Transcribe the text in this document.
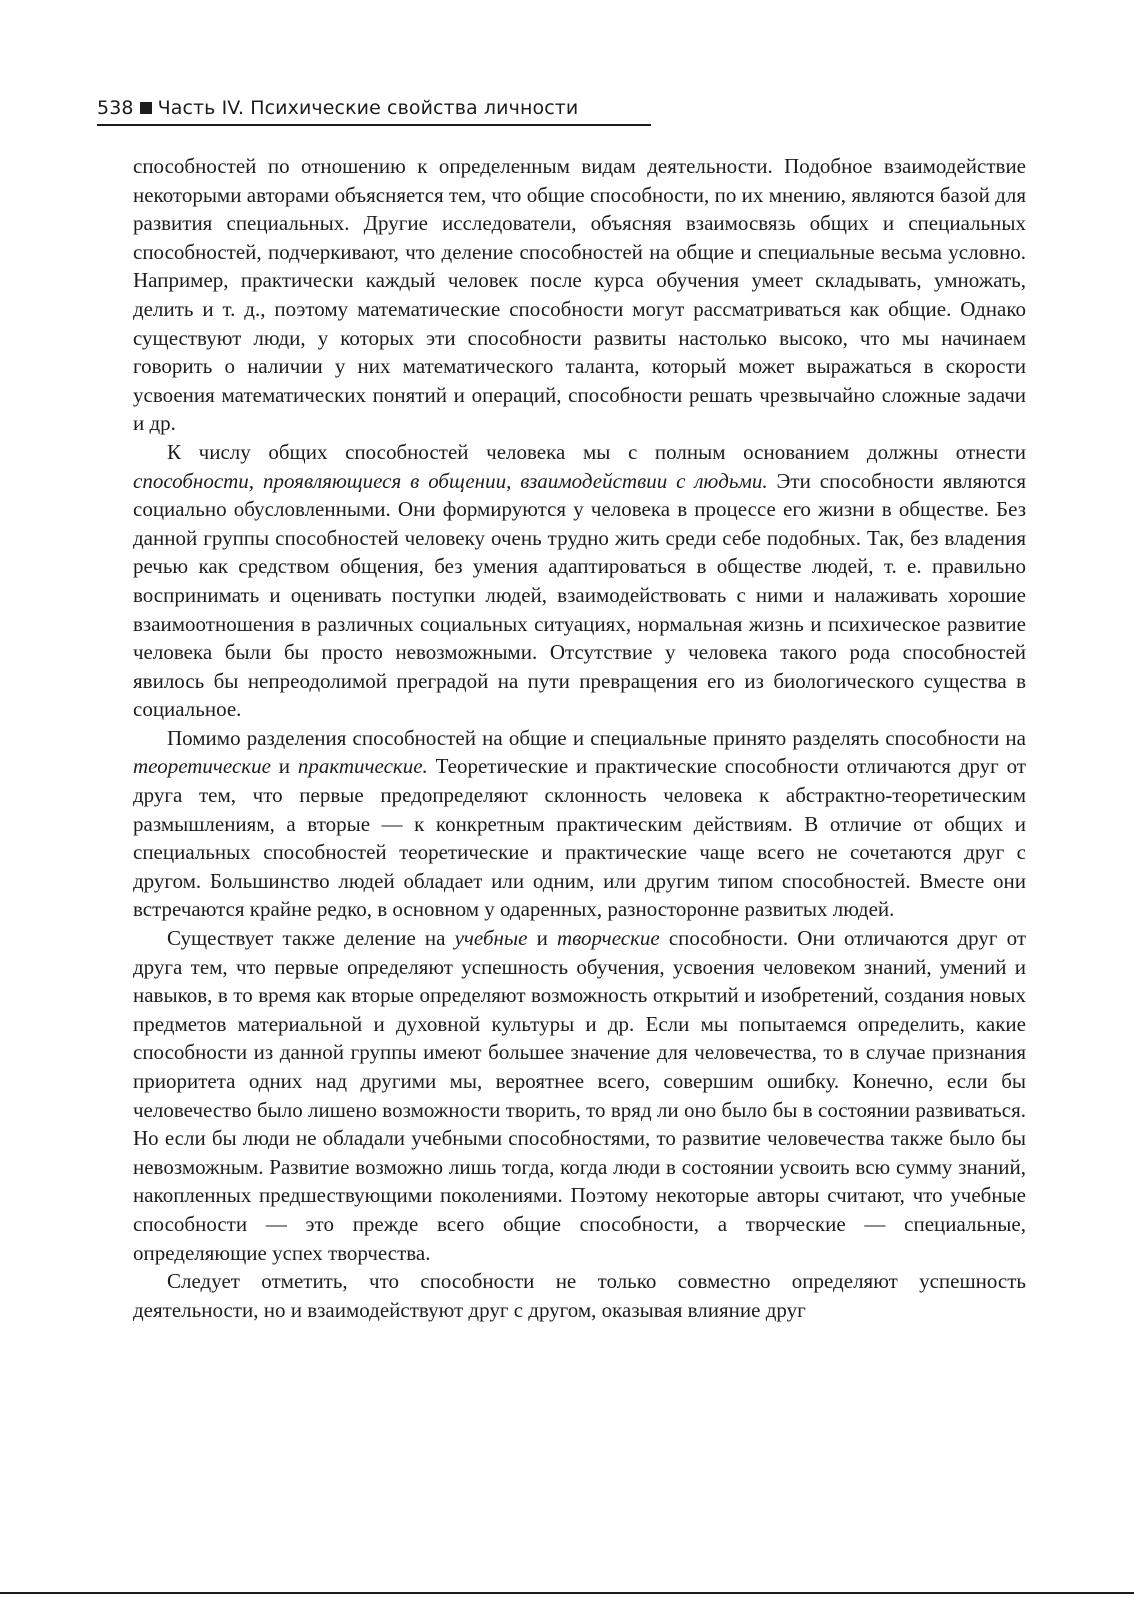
538 Часть IV. Психические свойства личности

способностей по отношению к определенным видам деятельности. Подобное взаимодействие некоторыми авторами объясняется тем, что общие способности, по их мнению, являются базой для развития специальных. Другие исследователи, объясняя взаимосвязь общих и специальных способностей, подчеркивают, что деление способностей на общие и специальные весьма условно. Например, практически каждый человек после курса обучения умеет складывать, умножать, делить и т. д., поэтому математические способности могут рассматриваться как общие. Однако существуют люди, у которых эти способности развиты настолько высоко, что мы начинаем говорить о наличии у них математического таланта, который может выражаться в скорости усвоения математических понятий и операций, способности решать чрезвычайно сложные задачи и др.

К числу общих способностей человека мы с полным основанием должны отнести способности, проявляющиеся в общении, взаимодействии с людьми. Эти способности являются социально обусловленными. Они формируются у человека в процессе его жизни в обществе. Без данной группы способностей человеку очень трудно жить среди себе подобных. Так, без владения речью как средством общения, без умения адаптироваться в обществе людей, т. е. правильно воспринимать и оценивать поступки людей, взаимодействовать с ними и налаживать хорошие взаимоотношения в различных социальных ситуациях, нормальная жизнь и психическое развитие человека были бы просто невозможными. Отсутствие у человека такого рода способностей явилось бы непреодолимой преградой на пути превращения его из биологического существа в социальное.

Помимо разделения способностей на общие и специальные принято разделять способности на теоретические и практические. Теоретические и практические способности отличаются друг от друга тем, что первые предопределяют склонность человека к абстрактно-теоретическим размышлениям, а вторые — к конкретным практическим действиям. В отличие от общих и специальных способностей теоретические и практические чаще всего не сочетаются друг с другом. Большинство людей обладает или одним, или другим типом способностей. Вместе они встречаются крайне редко, в основном у одаренных, разносторонне развитых людей.

Существует также деление на учебные и творческие способности. Они отличаются друг от друга тем, что первые определяют успешность обучения, усвоения человеком знаний, умений и навыков, в то время как вторые определяют возможность открытий и изобретений, создания новых предметов материальной и духовной культуры и др. Если мы попытаемся определить, какие способности из данной группы имеют большее значение для человечества, то в случае признания приоритета одних над другими мы, вероятнее всего, совершим ошибку. Конечно, если бы человечество было лишено возможности творить, то вряд ли оно было бы в состоянии развиваться. Но если бы люди не обладали учебными способностями, то развитие человечества также было бы невозможным. Развитие возможно лишь тогда, когда люди в состоянии усвоить всю сумму знаний, накопленных предшествующими поколениями. Поэтому некоторые авторы считают, что учебные способности — это прежде всего общие способности, а творческие — специальные, определяющие успех творчества.

Следует отметить, что способности не только совместно определяют успешность деятельности, но и взаимодействуют друг с другом, оказывая влияние друг
